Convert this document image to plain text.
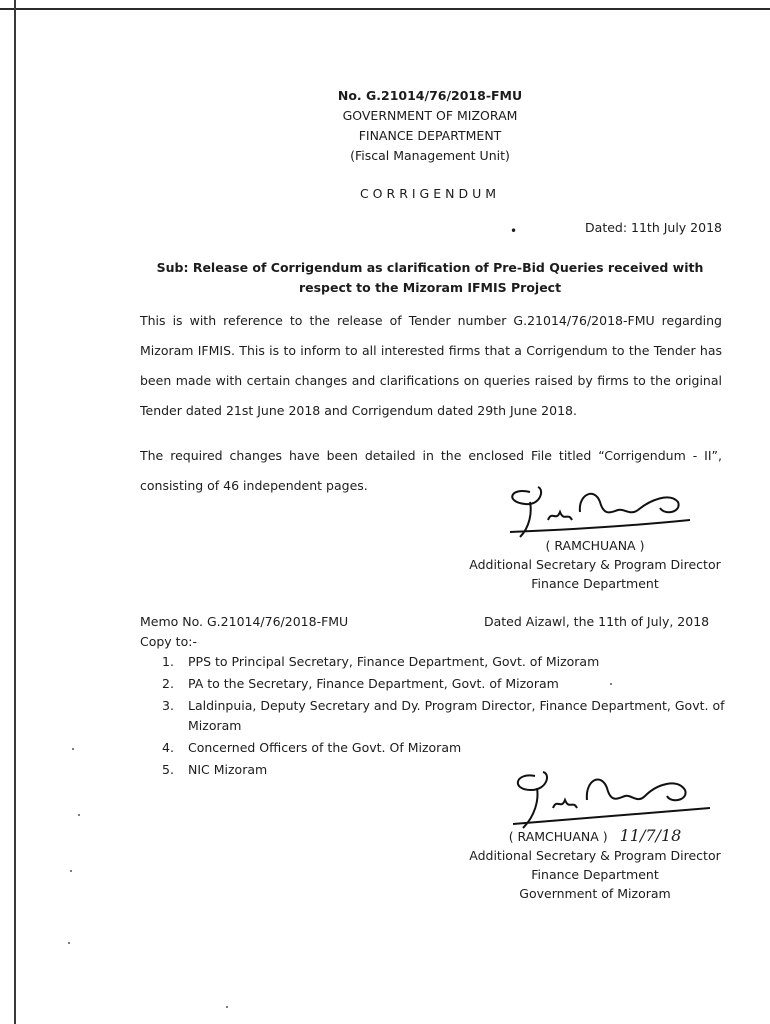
No. G.21014/76/2018-FMU
GOVERNMENT OF MIZORAM
FINANCE DEPARTMENT
(Fiscal Management Unit)
CORRIGENDUM
•	Dated: 11th July 2018
Sub: Release of Corrigendum as clarification of Pre-Bid Queries received with respect to the Mizoram IFMIS Project
This is with reference to the release of Tender number G.21014/76/2018-FMU regarding Mizoram IFMIS. This is to inform to all interested firms that a Corrigendum to the Tender has been made with certain changes and clarifications on queries raised by firms to the original Tender dated 21st June 2018 and Corrigendum dated 29th June 2018.
The required changes have been detailed in the enclosed File titled “Corrigendum - II”, consisting of 46 independent pages.
( RAMCHUANA )
Additional Secretary & Program Director
Finance Department
Memo No. G.21014/76/2018-FMU	Dated Aizawl, the 11th of July, 2018
Copy to:-
1. PPS to Principal Secretary, Finance Department, Govt. of Mizoram
2. PA to the Secretary, Finance Department, Govt. of Mizoram
3. Laldinpuia, Deputy Secretary and Dy. Program Director, Finance Department, Govt. of Mizoram
4. Concerned Officers of the Govt. Of Mizoram
5. NIC Mizoram
( RAMCHUANA ) 11/7/18
Additional Secretary & Program Director
Finance Department
Government of Mizoram
